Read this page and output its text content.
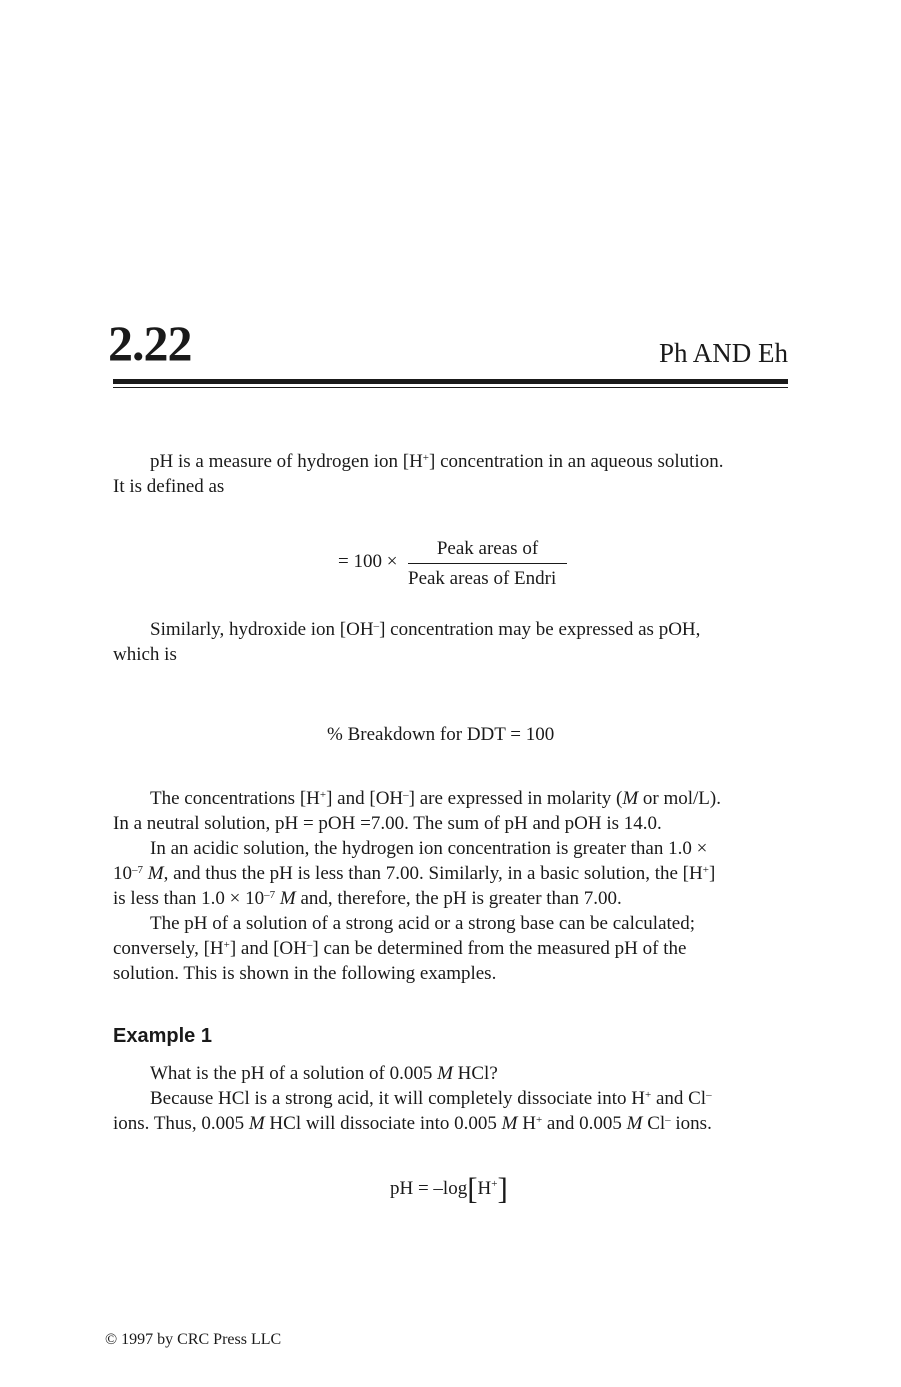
2.22	Ph AND Eh
pH is a measure of hydrogen ion [H+] concentration in an aqueous solution.
It is defined as
= 100 ×
Peak areas of
Peak areas of Endri
Similarly, hydroxide ion [OH–] concentration may be expressed as pOH,
which is
% Breakdown for DDT = 100
The concentrations [H+] and [OH–] are expressed in molarity (M or mol/L).
In a neutral solution, pH = pOH =7.00. The sum of pH and pOH is 14.0.
In an acidic solution, the hydrogen ion concentration is greater than 1.0 ×
$10^{-7}$ M, and thus the pH is less than 7.00. Similarly, in a basic solution, the [H+]
is less than $1.0 \times 10^{-7}$ M and, therefore, the pH is greater than 7.00.
The pH of a solution of a strong acid or a strong base can be calculated;
conversely, [H+] and [OH–] can be determined from the measured pH of the
solution. This is shown in the following examples.
Example 1
What is the pH of a solution of 0.005 M HCl?
Because HCl is a strong acid, it will completely dissociate into H+ and Cl–
ions. Thus, 0.005 M HCl will dissociate into 0.005 M H+ and 0.005 M Cl– ions.
pH = –log[H+]
© 1997 by CRC Press LLC
